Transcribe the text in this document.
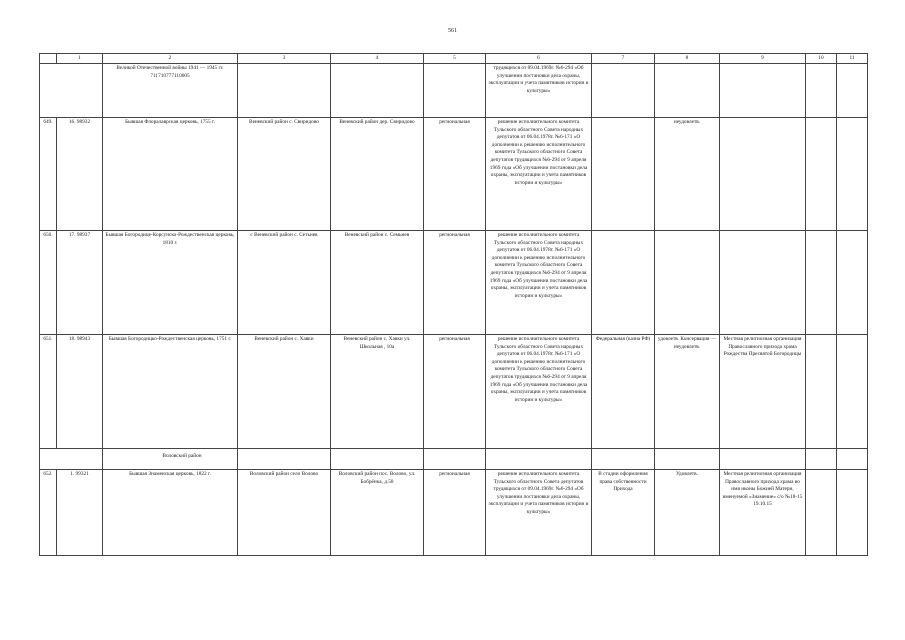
561
	1	2	3	4	5	6	7	8	9	10	11
		Великой Отечественной войны 1941 — 1945 гг. 711710777110005				трудящихся от 09.04.1969г. №6-294 «Об улучшении постановки дела охраны, эксплуатации и учета памятников истории и культуры»					
649.	16. 98932	Бывшая Флоралаврская церковь, 1755 г.	Веневский район с. Свиридово	Веневский район дер. Свиридово	региональная	решение исполнительного комитета Тульского областного Совета народных депутатов от 06.04.1978г. №6-171 «О дополнении к решению исполнительного комитета Тульского областного Совета депутатов трудящихся №6-294 от 9 апреля 1969 года «Об улучшении постановки дела охраны, эксплуатации и учета памятников истории и культуры»		неудовлетв.			
650.	17. 98937	Бывшая Богородице-Корсунско-Рождественская церковь, 1810 г.	с Веневский район с. Сетьнев	Веневский район с. Семьнев	региональная	решение исполнительного комитета Тульского областного Совета народных депутатов от 06.04.1978г. №6-171 «О дополнении к решению исполнительного комитета Тульского областного Совета депутатов трудящихся №6-294 от 9 апреля 1969 года «Об улучшении постановки дела охраны, эксплуатации и учета памятников истории и культуры»					
651.	18. 98943	Бывшая Богородицко-Рождественская церковь, 1751 г.	Веневский район с. Хавки	Веневский район с. Хавки ул. Школьная , 10а	региональная	решение исполнительного комитета Тульского областного Совета народных депутатов от 06.04.1978г. №6-171 «О дополнении к решению исполнительного комитета Тульского областного Совета депутатов трудящихся №6-294 от 9 апреля 1969 года «Об улучшении постановки дела охраны, эксплуатации и учета памятников истории и культуры»	Федеральная (казна РФ)	удовлетв. Консервация — неудовлетв.	Местная религиозная организация Православного прихода храма Рождества Пресвятой Богородицы		
		Воловский район									
652.	1. 99321	Бывшая Знаменская церковь, 1822 г.	Воловский район село Волово	Воловский район пос. Волово, ул. Бобрёнка, д.58	региональная	решение исполнительного комитета Тульского областного Совета депутатов трудящихся от 09.04.1969г. №6-294 «Об улучшении постановки дела охраны, эксплуатации и учета памятников истории и культуры»	В стадии оформления права собственности Прихода	Удовлетв.	Местная религиозная организация Православного прихода храма во имя иконы Божией Матери, именуемой «Знамение» с/о №18-15 19.10.15		
